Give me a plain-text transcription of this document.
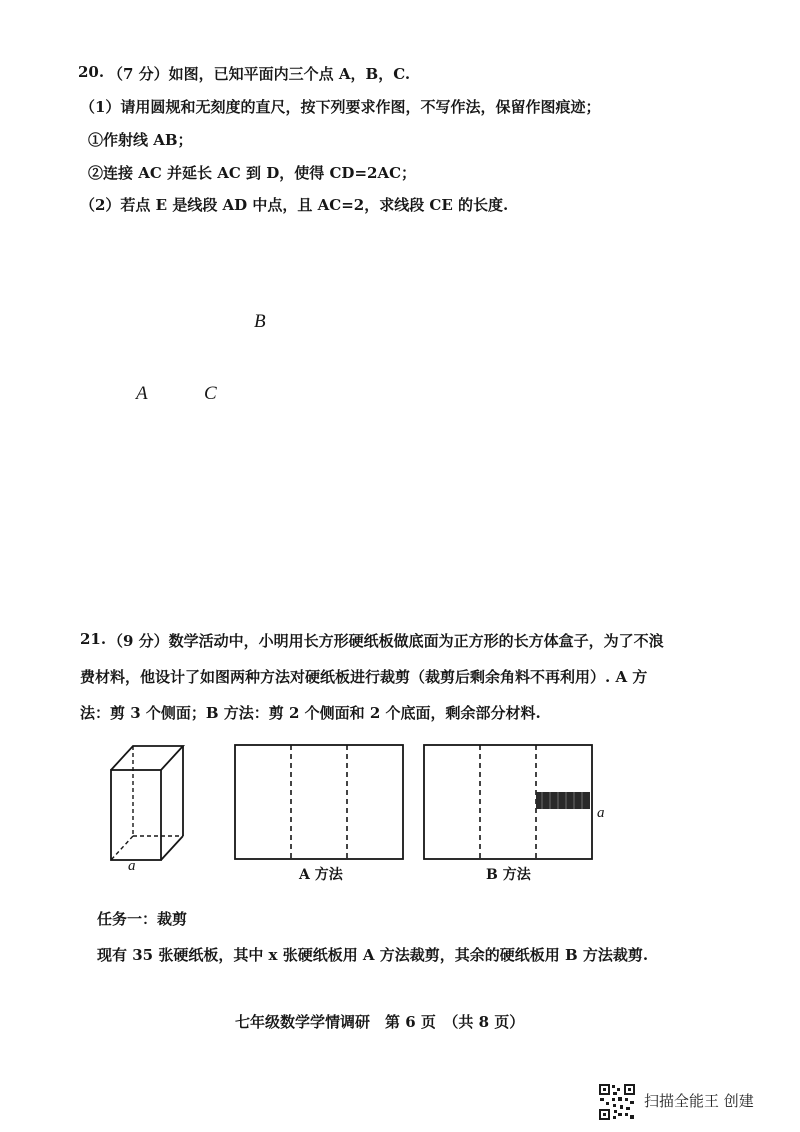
20. （7 分）如图，已知平面内三个点 A，B，C.
（1）请用圆规和无刻度的直尺，按下列要求作图，不写作法，保留作图痕迹；
①作射线 AB；
②连接 AC 并延长 AC 到 D，使得 CD=2AC；
（2）若点 E 是线段 AD 中点，且 AC=2，求线段 CE 的长度.
B
A	C
21. （9 分）数学活动中，小明用长方形硬纸板做底面为正方形的长方体盒子，为了不浪
费材料，他设计了如图两种方法对硬纸板进行裁剪（裁剪后剩余角料不再利用）. A 方
法：剪 3 个侧面；B 方法：剪 2 个侧面和 2 个底面，剩余部分材料.
a
A 方法
a
B 方法
任务一：裁剪
现有 35 张硬纸板，其中 x 张硬纸板用 A 方法裁剪，其余的硬纸板用 B 方法裁剪.
七年级数学学情调研　第 6 页　（共 8 页）
扫描全能王 创建
